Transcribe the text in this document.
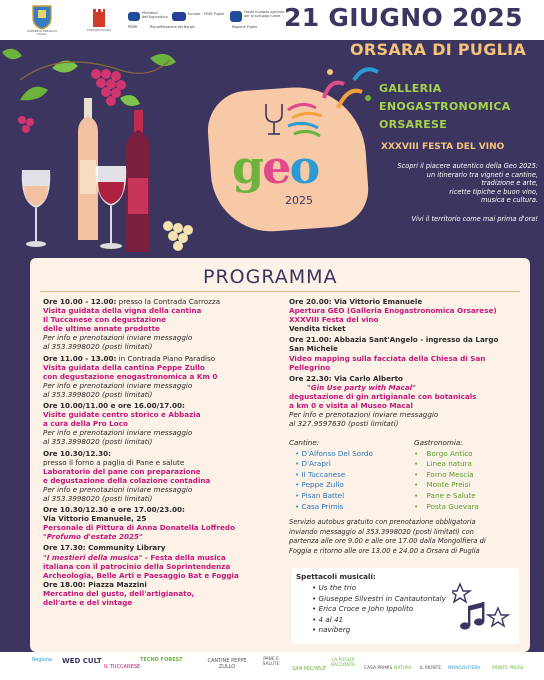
COMUNE DI ORSARA DI PUGLIA
TROCHE PUGLIA
Ministero dell'Agricoltura
Europa FESR Puglia	Fondo Europeo agricolo per lo sviluppo rurale
PNRR	Riqualificazione dei Borghi	Regione Puglia 21 GIUGNO 2025
ORSARA DI PUGLIA
geo
2025
GALLERIA
ENOGASTRONOMICA
ORSARESE
XXXVIII FESTA DEL VINO
Scopri il piacere autentico della Geo 2025:
un itinerario tra vigneti e cantine,
tradizione e arte,
ricette tipiche e buon vino,
musica e cultura.
Vivi il territorio come mai prima d'ora!
PROGRAMMA

Ore 10.00 - 12.00: presso la Contrada Carrozza

Visita guidata della vigna della cantina

Il Tuccanese con degustazione

delle ultime annate prodotte

Per info e prenotazioni inviare messaggio

al 353.3998020 (posti limitati)

Ore 11.00 - 13.00: in Contrada Piano Paradiso

Visita guidata della cantina Peppe Zullo

con degustazione enogastronomica a Km 0

Per info e prenotazioni inviare messaggio

al 353.3998020 (posti limitati)

Ore 10.00/11.00 e ore 16.00/17.00:

Visite guidate centro storico e Abbazia

a cura della Pro Loco

Per info e prenotazioni inviare messaggio

al 353.3998020 (posti limitati)

Ore 10.30/12.30:

presso il forno a paglia di Pane e salute

Laboratorio del pane con preparazione

e degustazione della colazione contadina

Per info e prenotazioni inviare messaggio

al 353.3998020 (posti limitati)

Ore 10.30/12.30 e ore 17.00/23.00:

Via Vittorio Emanuele, 25

Personale di Pittura di Anna Donatella Loffredo

"Profumo d'estate 2025"

Ore 17.30: Community Library

"I mestieri della musica" - Festa della musica

italiana con il patrocinio della Soprintendenza

Archeologia, Belle Arti e Paesaggio Bat e Foggia

Ore 18.00: Piazza Mazzini

Mercatino del gusto, dell'artigianato,

dell'arte e del vintage

Ore 20.00: Via Vittorio Emanuele

Apertura GEO (Galleria Enogastronomica Orsarese)

XXXVIII Festa del vino

Vendita ticket

Ore 21.00: Abbazia Sant'Angelo - ingresso da Largo

San Michele

Video mapping sulla facciata della Chiesa di San

Pellegrino

Ore 22.30: Via Carlo Alberto

"Gin Use party with Macal"

degustazione di gin artigianale con botanicals

a km 0 e visita al Museo Macal

Per info e prenotazioni inviare messaggio

al 327.9597630 (posti limitati)

Cantine:

• D'Alfonso Del Sordo

• D'Araprì

• Il Tuccanese

• Peppe Zullo

• Pisan Battel

• Casa Primis

Gastronomia:

• Borgo Antico

• Linea natura

• Forno Mescia

• Monte Preisi

• Pane e Salute

• Posta Guevara

Servizio autobus gratuito con prenotazione obbligatoria

inviando messaggio al 353.3998020 (posti limitati) con

partenza alle ore 9.00 e alle ore 17.00 dalla Mongolfiera di

Foggia e ritorno alle ore 13.00 e 24.00 a Orsara di Puglia

Spettacoli musicali:

• Us the trio

• Giuseppe Silvestri in Cantautoritaly

• Erica Croce e John Ippolito

• 4 al 41

• naviberg

Regione WED CULT
IL TUCCANESE
TECNO FOREST	CANTINE PEPPE ZULLO
PANE E SALUTE
SAN MICHELE
LA PUGLIA RACCONTA
CASA PRIMIS NATURA IL MONTE MONGOLFIERA	MONTE PREISI
